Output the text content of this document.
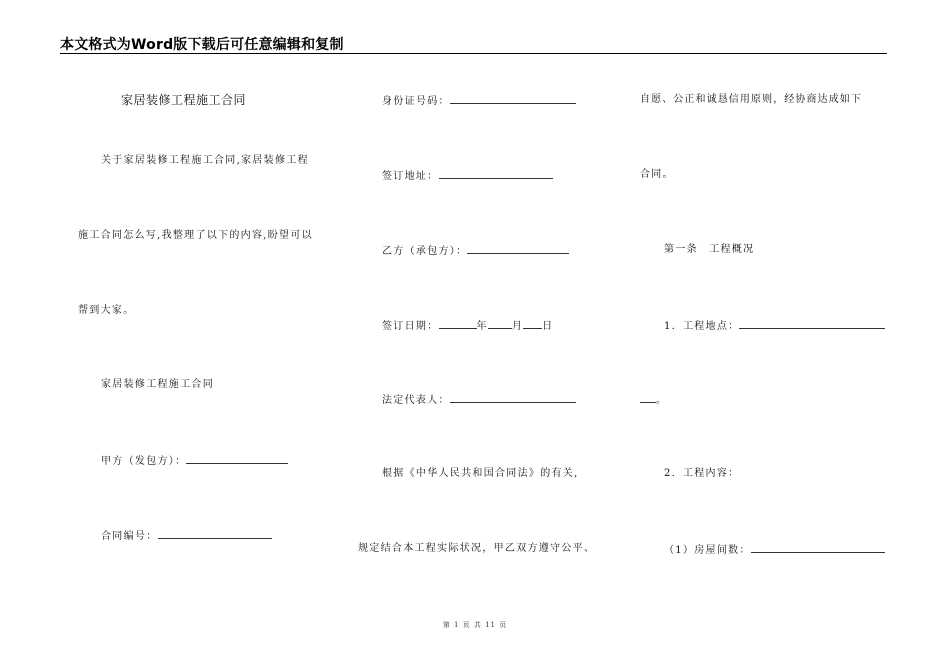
本文格式为Word版下载后可任意编辑和复制
家居装修工程施工合同
关于家居装修工程施工合同,家居装修工程
施工合同怎么写,我整理了以下的内容,盼望可以
帮到大家。
家居装修工程施工合同
甲方（发包方）：
合同编号：
身份证号码：
签订地址：
乙方（承包方）：
签订日期：	年 月 日
法定代表人：
根据《中华人民共和国合同法》的有关,
规定结合本工程实际状况，甲乙双方遵守公平、
自愿、公正和诚恳信用原则，经协商达成如下
合同。
第一条　工程概况
1．工程地点：
。
2．工程内容：
（1）房屋间数：
第 1 页 共 11 页
